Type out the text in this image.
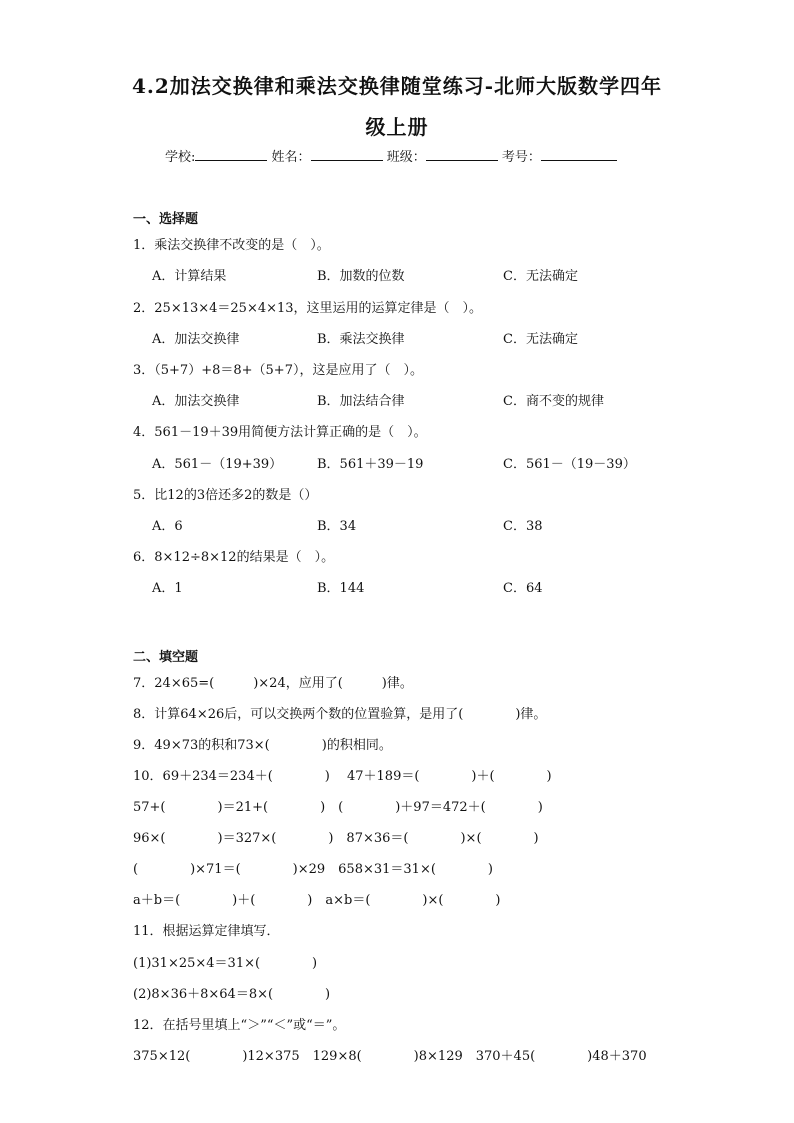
4.2加法交换律和乘法交换律随堂练习-北师大版数学四年
级上册
学校:	姓名：	班级：	考号：
一、选择题
1．乘法交换律不改变的是（　）。
A．计算结果	B．加数的位数	C．无法确定
2．25×13×4＝25×4×13，这里运用的运算定律是（　）。
A．加法交换律	B．乘法交换律	C．无法确定
3．（5+7）+8＝8+（5+7），这是应用了（　）。
A．加法交换律	B．加法结合律	C．商不变的规律
4．561－19＋39用简便方法计算正确的是（　）。
A．561－（19+39）	B．561＋39－19	C．561－（19－39）
5．比12的3倍还多2的数是（）
A．6	B．34	C．38
6．8×12÷8×12的结果是（　）。
A．1	B．144	C．64
二、填空题
7．24×65=(　　　)×24，应用了(　　　)律。
8．计算64×26后，可以交换两个数的位置验算，是用了(　　　　)律。
9．49×73的积和73×(　　　　)的积相同。
10．69＋234＝234＋(　　　　)　 47＋189＝(　　　　)＋(　　　　)
57+(　　　　)＝21+(　　　　)　(　　　　)＋97＝472＋(　　　　)
96×(　　　　)＝327×(　　　　)　87×36＝(　　　　)×(　　　　)
(　　　　)×71＝(　　　　)×29　658×31＝31×(　　　　)
a＋b＝(　　　　)＋(　　　　)　a×b＝(　　　　)×(　　　　)
11．根据运算定律填写．
(1)31×25×4＝31×(　　　　)
(2)8×36＋8×64＝8×(　　　　)
12．在括号里填上“＞”“＜”或“＝”。
375×12(　　　　)12×375　129×8(　　　　)8×129　370＋45(　　　　)48＋370
